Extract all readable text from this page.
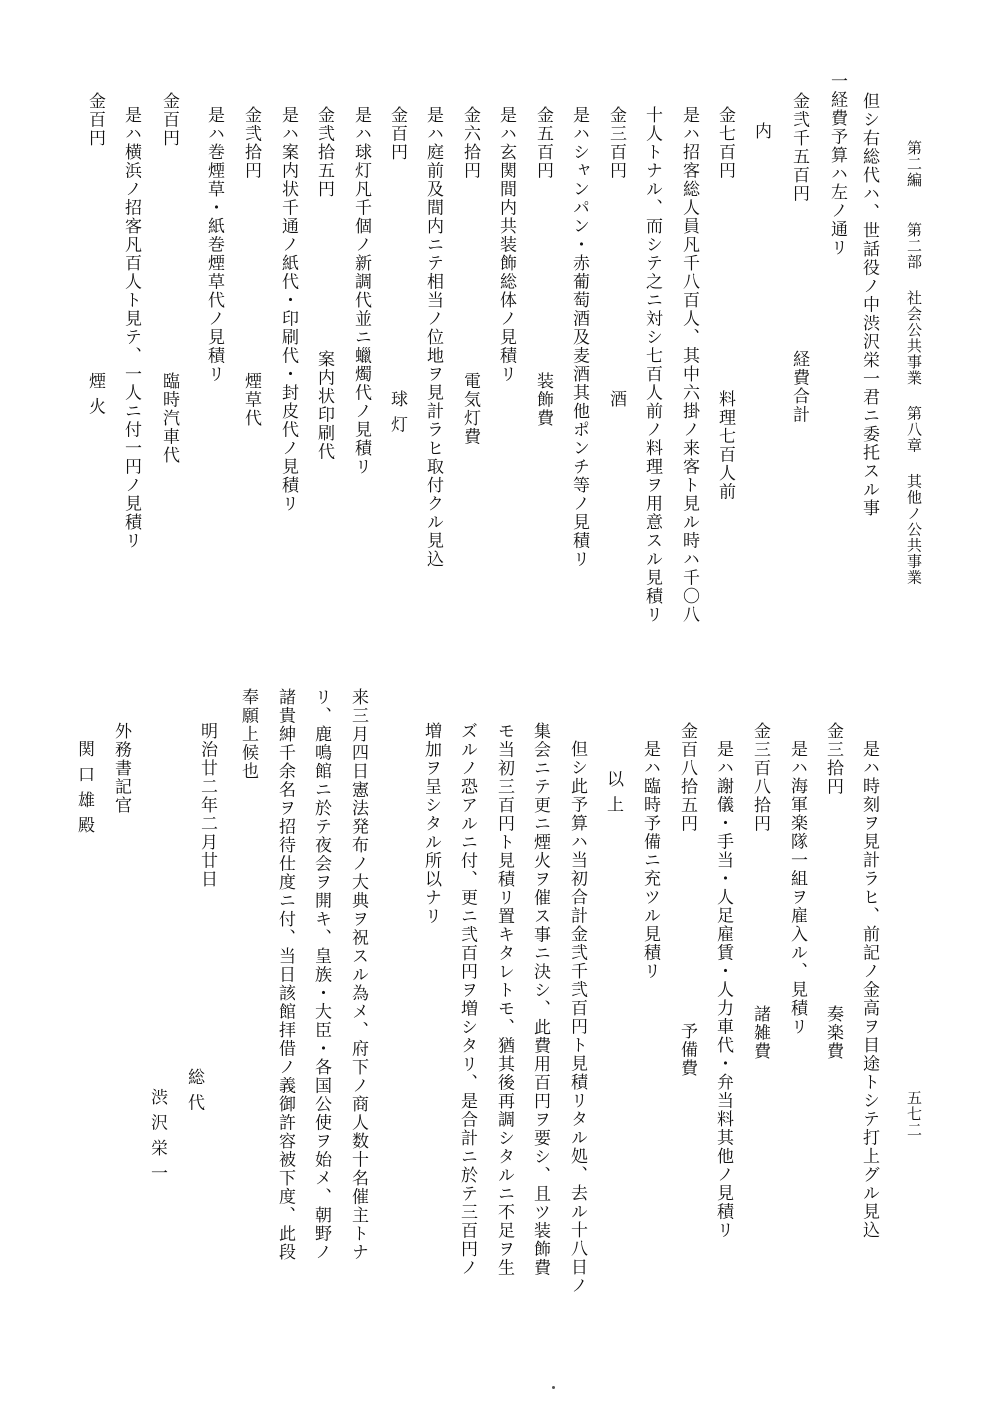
第二編 第二部 社会公共事業 第八章 其他ノ公共事業
五七二
但シ右総代ハ、世話役ノ中渋沢栄一君ニ委托スル事
一経費予算ハ左ノ通リ
金弐千五百円
経費合計
内
金七百円
料理七百人前
是ハ招客総人員凡千八百人、其中六掛ノ来客ト見ル時ハ千〇八
十人トナル、而シテ之ニ対シ七百人前ノ料理ヲ用意スル見積リ
金三百円
酒
是ハシャンパン・赤葡萄酒及麦酒其他ポンチ等ノ見積リ
金五百円
装飾費
是ハ玄関間内共装飾総体ノ見積リ
金六拾円
電気灯費
是ハ庭前及間内ニテ相当ノ位地ヲ見計ラヒ取付クル見込
金百円
球 灯
是ハ球灯凡千個ノ新調代並ニ蠟燭代ノ見積リ
金弐拾五円
案内状印刷代
是ハ案内状千通ノ紙代・印刷代・封皮代ノ見積リ
金弐拾円
煙草代
是ハ巻煙草・紙巻煙草代ノ見積リ
金百円
臨時汽車代
是ハ横浜ノ招客凡百人ト見テ、一人ニ付一円ノ見積リ
金百円
煙 火
是ハ時刻ヲ見計ラヒ、前記ノ金高ヲ目途トシテ打上グル見込
金三拾円
奏楽費
是ハ海軍楽隊一組ヲ雇入ル、見積リ
金三百八拾円
諸雑費
是ハ謝儀・手当・人足雇賃・人力車代・弁当料其他ノ見積リ
金百八拾五円
予備費
是ハ臨時予備ニ充ツル見積リ
以 上
但シ此予算ハ当初合計金弐千弐百円ト見積リタル処、去ル十八日ノ
集会ニテ更ニ煙火ヲ催ス事ニ決シ、此費用百円ヲ要シ、且ツ装飾費
モ当初三百円ト見積リ置キタレトモ、猶其後再調シタルニ不足ヲ生
ズルノ恐アルニ付、更ニ弐百円ヲ増シタリ、是合計ニ於テ三百円ノ
増加ヲ呈シタル所以ナリ
来三月四日憲法発布ノ大典ヲ祝スル為メ、府下ノ商人数十名催主トナ
リ、鹿鳴館ニ於テ夜会ヲ開キ、皇族・大臣・各国公使ヲ始メ、朝野ノ
諸貴紳千余名ヲ招待仕度ニ付、当日該館拝借ノ義御許容被下度、此段
奉願上候也
明治廿二年二月廿日
総 代
渋 沢 栄 一
外務書記官
関 口 雄 殿
